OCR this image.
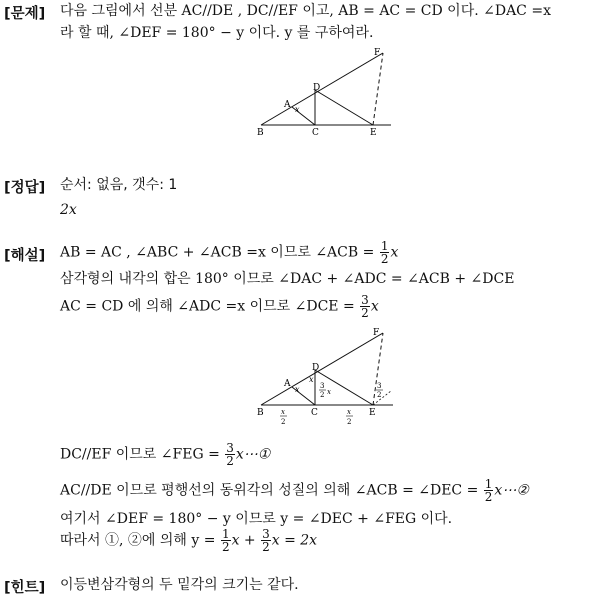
[문제] 다음 그림에서 선분 AC//DE , DC//EF 이고, AB = AC = CD 이다. ∠DAC =x
라 할 때, ∠DEF = 180° − y 이다. y 를 구하여라.
B	C	E
A
D
F
x
[정답] 순서: 없음, 갯수: 1
2x
[해설] AB = AC , ∠ABC + ∠ACB =x 이므로 ∠ACB = $\frac{1}{2}$ x
삼각형의 내각의 합은 180° 이므로 ∠DAC + ∠ADC = ∠ACB + ∠DCE
AC = CD 에 의해 ∠ADC =x 이므로 ∠DCE = $\frac{3}{2}$ x
B	C	E
A
D
F
x
x
x
2
x
2
3
2 x
3
2
DC//EF 이므로 ∠FEG = $\frac{3}{2}$ x⋯①
AC//DE 이므로 평행선의 동위각의 성질의 의해 ∠ACB = ∠DEC = $\frac{1}{2}$ x⋯②
여기서 ∠DEF = 180° − y 이므로 y = ∠DEC + ∠FEG 이다.
따라서 ①, ②에 의해 $y = \frac{1}{2}$ $x + \frac{3}{2}$ x = 2x
[힌트] 이등변삼각형의 두 밑각의 크기는 같다.
